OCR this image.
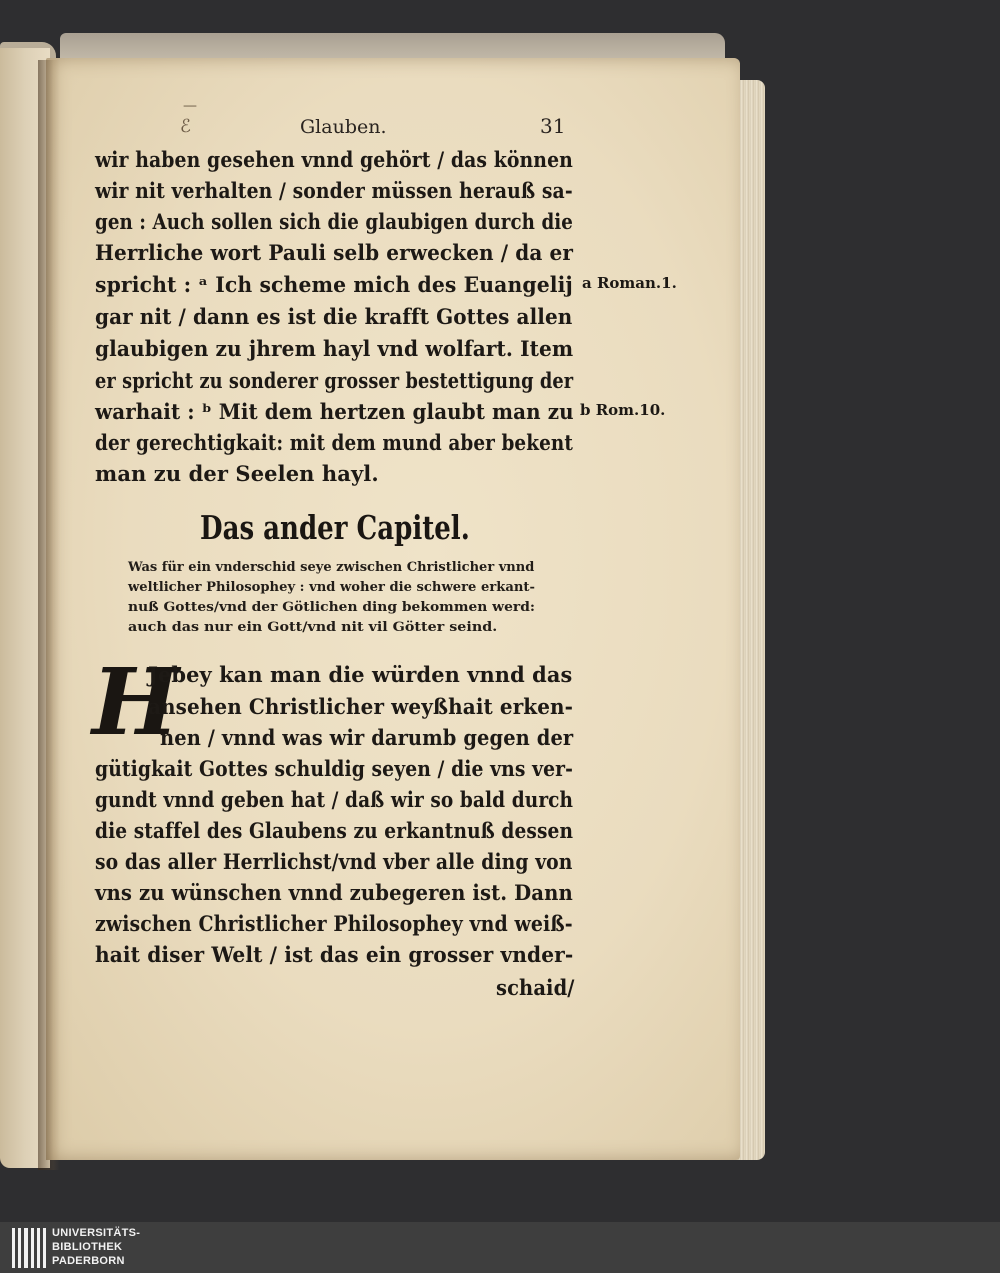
—
ℰ	Glauben.	31
wir haben gesehen vnnd gehört / das können
wir nit verhalten / sonder müssen herauß sa-
gen : Auch sollen sich die glaubigen durch die
Herrliche wort Pauli selb erwecken / da er
spricht : ᵃ Ich scheme mich des Euangelij
gar nit / dann es ist die krafft Gottes allen
glaubigen zu jhrem hayl vnd wolfart. Item
er spricht zu sonderer grosser bestettigung der
warhait : ᵇ Mit dem hertzen glaubt man zu
der gerechtigkait: mit dem mund aber bekent
man zu der Seelen hayl.
a Roman.1.
b Rom.10.
Das ander Capitel.
Was für ein vnderschid seye zwischen Christlicher vnnd
weltlicher Philosophey : vnd woher die schwere erkant-
nuß Gottes/vnd der Götlichen ding bekommen werd:
auch das nur ein Gott/vnd nit vil Götter seind.
H
Jebey kan man die würden vnnd das
ansehen Christlicher weyßhait erken-
nen / vnnd was wir darumb gegen der
gütigkait Gottes schuldig seyen / die vns ver-
gundt vnnd geben hat / daß wir so bald durch
die staffel des Glaubens zu erkantnuß dessen
so das aller Herrlichst/vnd vber alle ding von
vns zu wünschen vnnd zubegeren ist. Dann
zwischen Christlicher Philosophey vnd weiß-
hait diser Welt / ist das ein grosser vnder-
schaid/
UNIVERSITÄTS-
BIBLIOTHEK
PADERBORN
